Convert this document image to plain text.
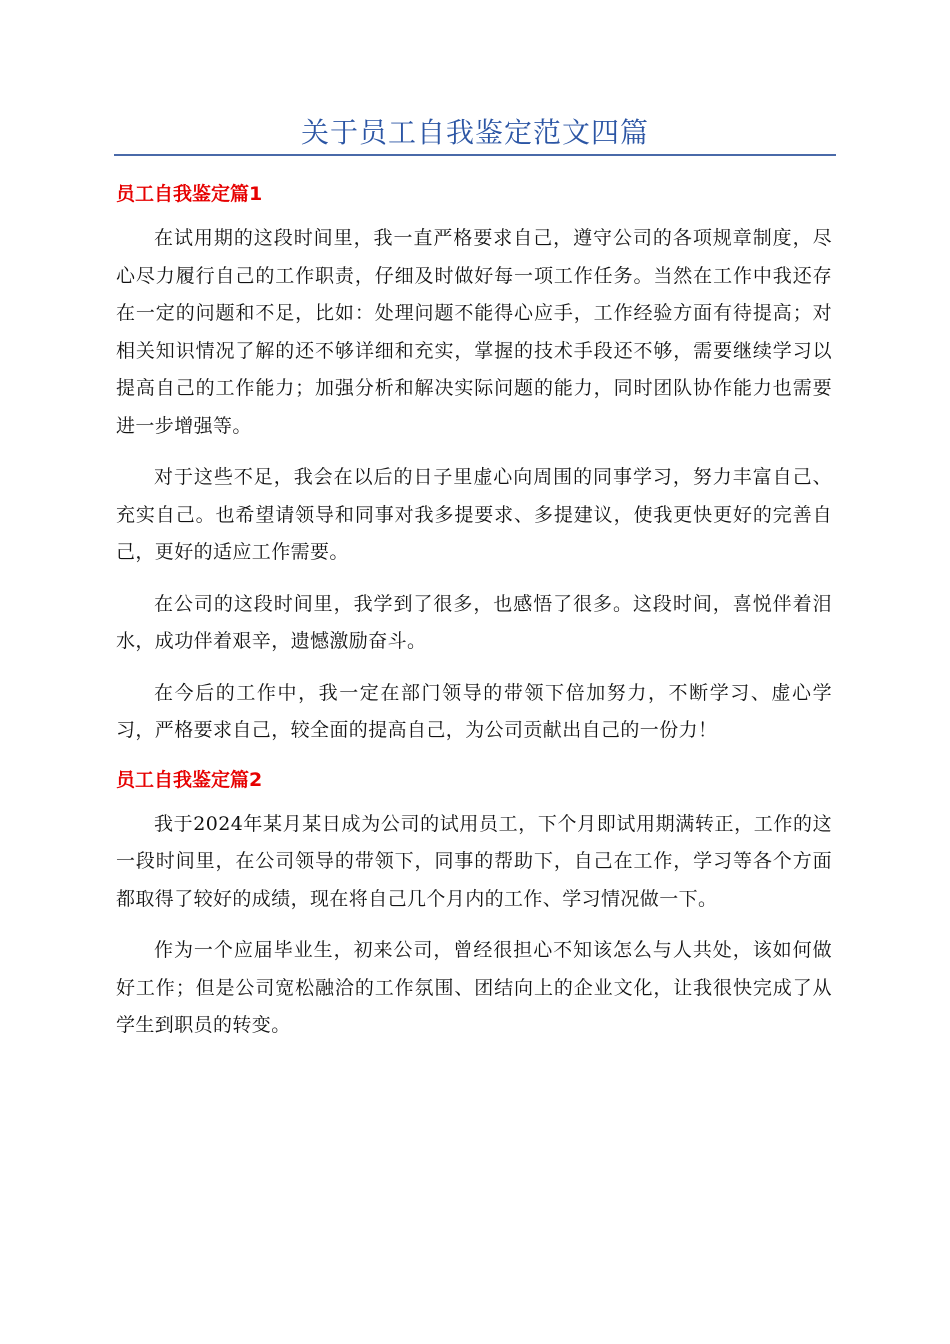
关于员工自我鉴定范文四篇
员工自我鉴定篇1

在试用期的这段时间里，我一直严格要求自己，遵守公司的各项规章制度，尽心尽力履行自己的工作职责，仔细及时做好每一项工作任务。当然在工作中我还存在一定的问题和不足，比如：处理问题不能得心应手，工作经验方面有待提高；对相关知识情况了解的还不够详细和充实，掌握的技术手段还不够，需要继续学习以提高自己的工作能力；加强分析和解决实际问题的能力，同时团队协作能力也需要进一步增强等。

对于这些不足，我会在以后的日子里虚心向周围的同事学习，努力丰富自己、充实自己。也希望请领导和同事对我多提要求、多提建议，使我更快更好的完善自己，更好的适应工作需要。

在公司的这段时间里，我学到了很多，也感悟了很多。这段时间，喜悦伴着泪水，成功伴着艰辛，遗憾激励奋斗。

在今后的工作中，我一定在部门领导的带领下倍加努力，不断学习、虚心学习，严格要求自己，较全面的提高自己，为公司贡献出自己的一份力！

员工自我鉴定篇2

我于2024年某月某日成为公司的试用员工，下个月即试用期满转正，工作的这一段时间里，在公司领导的带领下，同事的帮助下，自己在工作，学习等各个方面都取得了较好的成绩，现在将自己几个月内的工作、学习情况做一下。

作为一个应届毕业生，初来公司，曾经很担心不知该怎么与人共处，该如何做好工作；但是公司宽松融洽的工作氛围、团结向上的企业文化，让我很快完成了从学生到职员的转变。
